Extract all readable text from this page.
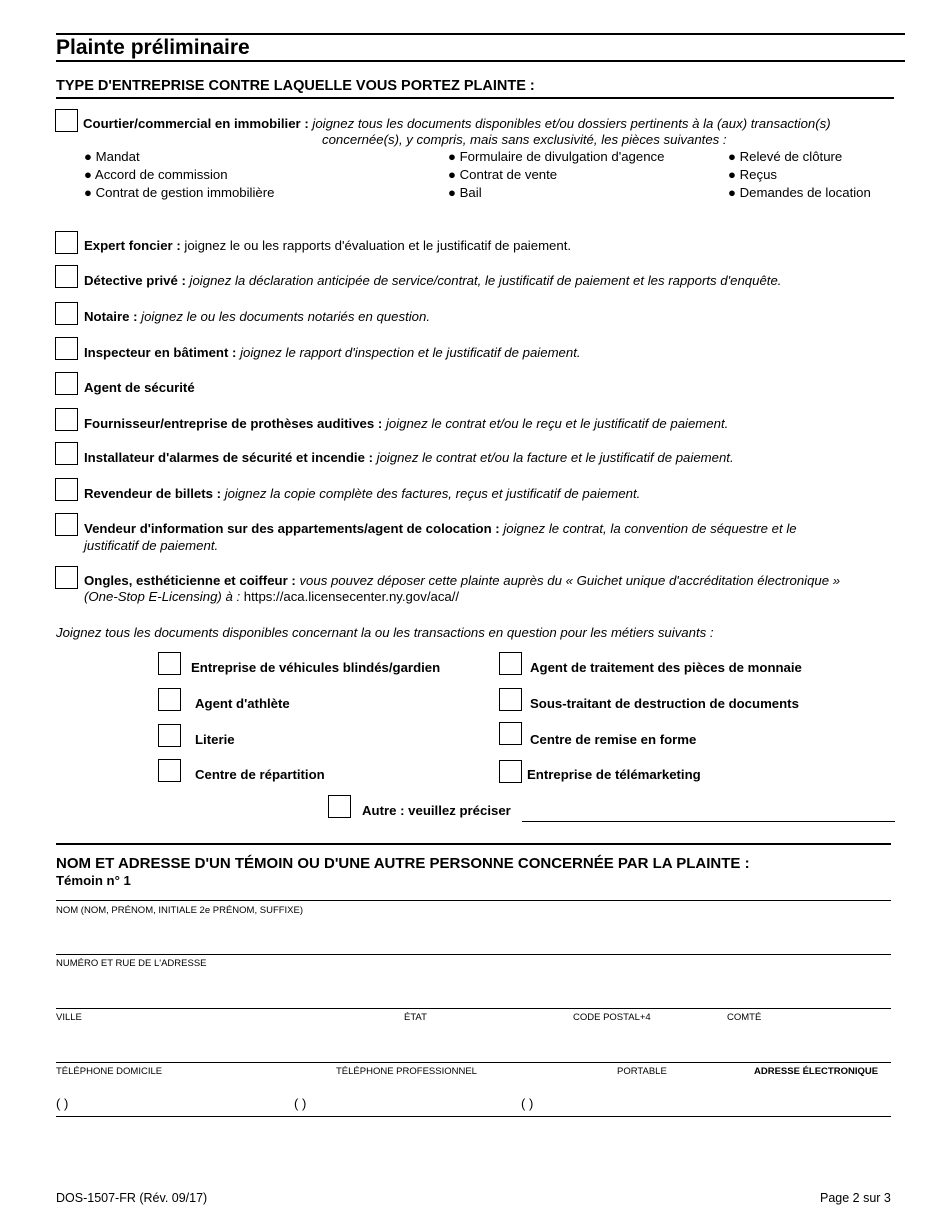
Plainte préliminaire
TYPE D'ENTREPRISE CONTRE LAQUELLE VOUS PORTEZ PLAINTE :
Courtier/commercial en immobilier : joignez tous les documents disponibles et/ou dossiers pertinents à la (aux) transaction(s)
concernée(s), y compris, mais sans exclusivité, les pièces suivantes :
● Mandat
● Accord de commission
● Contrat de gestion immobilière
● Formulaire de divulgation d'agence
● Contrat de vente
● Bail
● Relevé de clôture
● Reçus
● Demandes de location
Expert foncier : joignez le ou les rapports d'évaluation et le justificatif de paiement.
Détective privé : joignez la déclaration anticipée de service/contrat, le justificatif de paiement et les rapports d'enquête.
Notaire : joignez le ou les documents notariés en question.
Inspecteur en bâtiment : joignez le rapport d'inspection et le justificatif de paiement.
Agent de sécurité
Fournisseur/entreprise de prothèses auditives : joignez le contrat et/ou le reçu et le justificatif de paiement.
Installateur d'alarmes de sécurité et incendie : joignez le contrat et/ou la facture et le justificatif de paiement.
Revendeur de billets : joignez la copie complète des factures, reçus et justificatif de paiement.
Vendeur d'information sur des appartements/agent de colocation : joignez le contrat, la convention de séquestre et le
justificatif de paiement.
Ongles, esthéticienne et coiffeur : vous pouvez déposer cette plainte auprès du « Guichet unique d'accréditation électronique »
(One-Stop E-Licensing) à : https://aca.licensecenter.ny.gov/aca//
Joignez tous les documents disponibles concernant la ou les transactions en question pour les métiers suivants :
Entreprise de véhicules blindés/gardien
Agent d'athlète
Literie
Centre de répartition
Agent de traitement des pièces de monnaie
Sous-traitant de destruction de documents
Centre de remise en forme
Entreprise de télémarketing
Autre : veuillez préciser
NOM ET ADRESSE D'UN TÉMOIN OU D'UNE AUTRE PERSONNE CONCERNÉE PAR LA PLAINTE :
Témoin n° 1
NOM (NOM, PRÉNOM, INITIALE 2e PRÉNOM, SUFFIXE)
NUMÉRO ET RUE DE L'ADRESSE
VILLE	ÉTAT	CODE POSTAL+4	COMTÉ
TÉLÉPHONE DOMICILE	TÉLÉPHONE PROFESSIONNEL	PORTABLE	ADRESSE ÉLECTRONIQUE
( )	( )	( )
DOS-1507-FR (Rév. 09/17)	Page 2 sur 3
